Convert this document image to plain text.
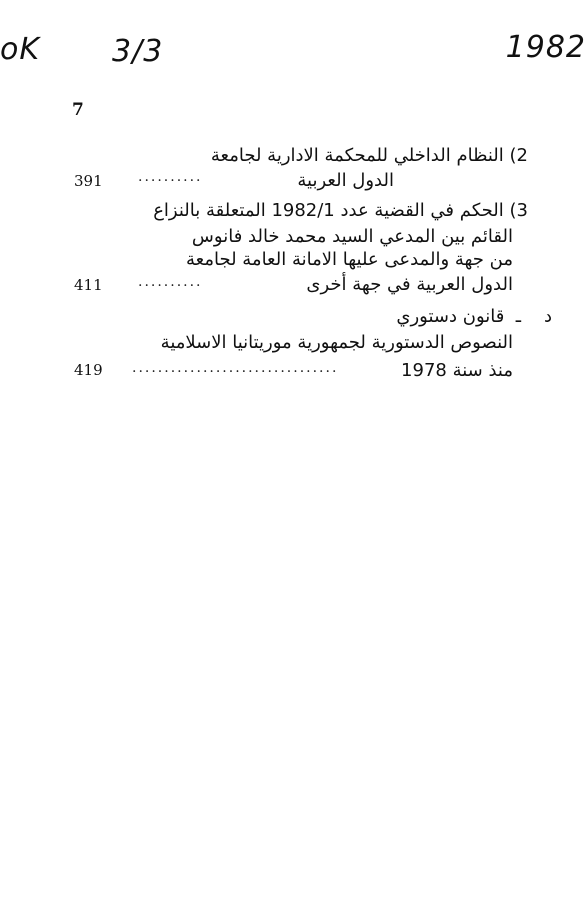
oK 3/3	1982
7
2) النظام الداخلي للمحكمة الادارية لجامعة
الدول العربية
..........
391
3) الحكم في القضية عدد 1982/1 المتعلقة بالنزاع
القائم بين المدعي السيد محمد خالد فانوس
من جهة والمدعى عليها الامانة العامة لجامعة
الدول العربية في جهة أخرى
..........
411
د    ـ  قانون دستوري
النصوص الدستورية لجمهورية موريتانيا الاسلامية
منذ سنة 1978
................................
419
